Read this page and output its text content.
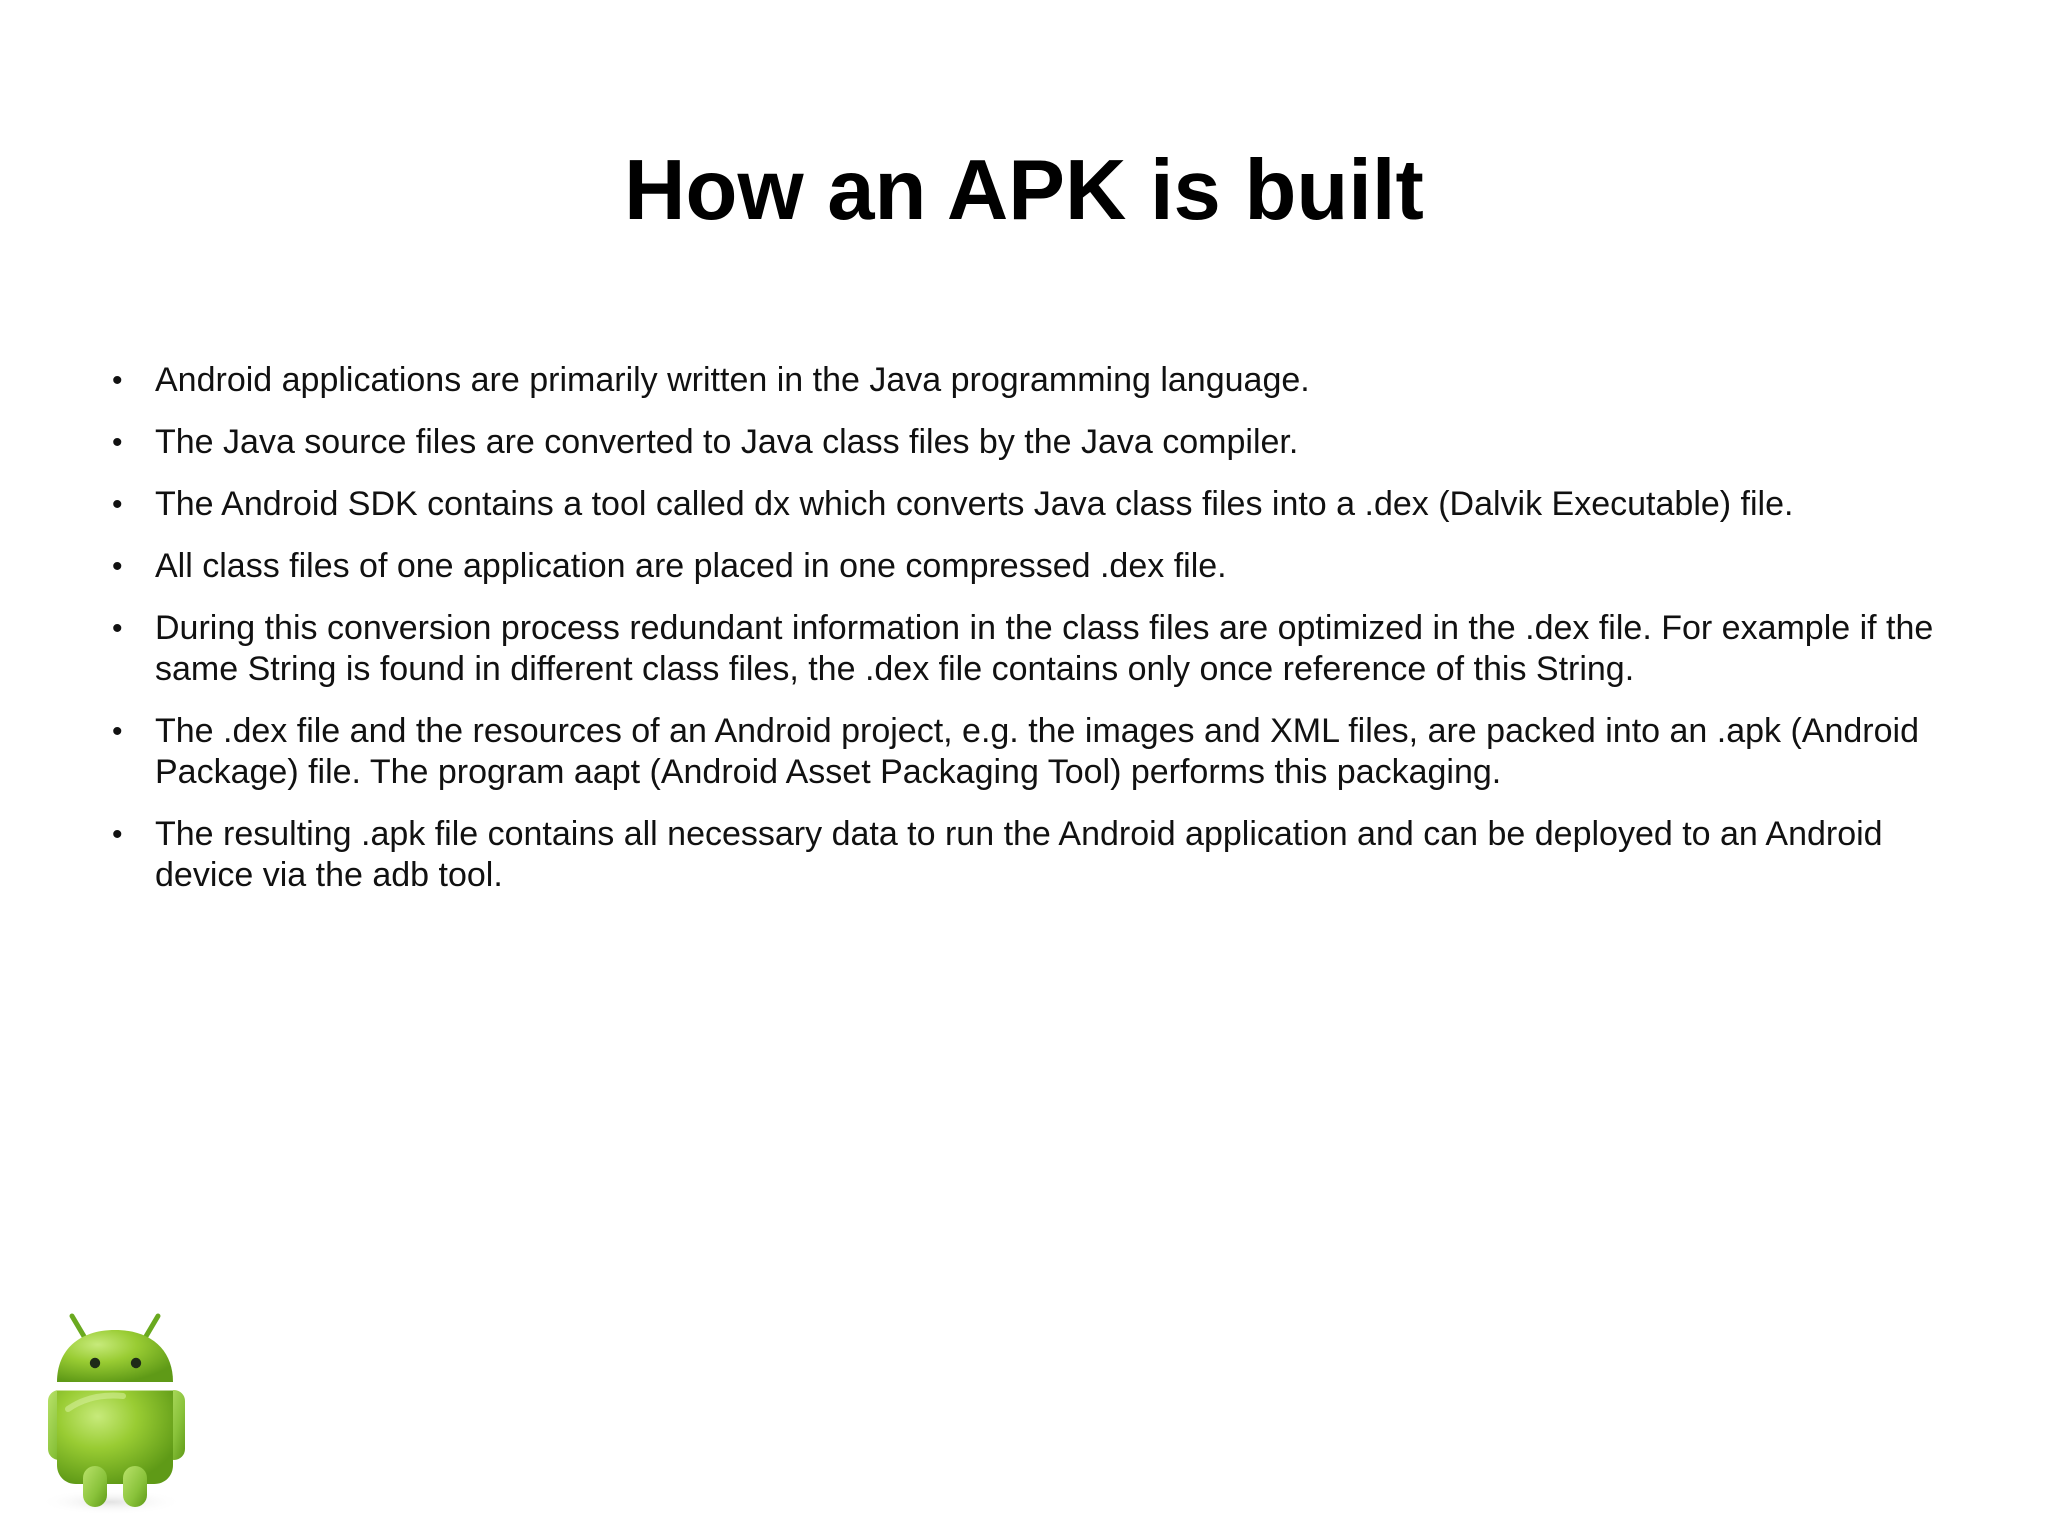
How an APK is built
• Android applications are primarily written in the Java programming language.
• The Java source files are converted to Java class files by the Java compiler.
• The Android SDK contains a tool called dx which converts Java class files into a .dex (Dalvik Executable) file.
• All class files of one application are placed in one compressed .dex file.
• During this conversion process redundant information in the class files are optimized in the .dex file. For example if the same String is found in different class files, the .dex file contains only once reference of this String.
• The .dex file and the resources of an Android project, e.g. the images and XML files, are packed into an .apk (Android Package) file. The program aapt (Android Asset Packaging Tool) performs this packaging.
• The resulting .apk file contains all necessary data to run the Android application and can be deployed to an Android device via the adb tool.
